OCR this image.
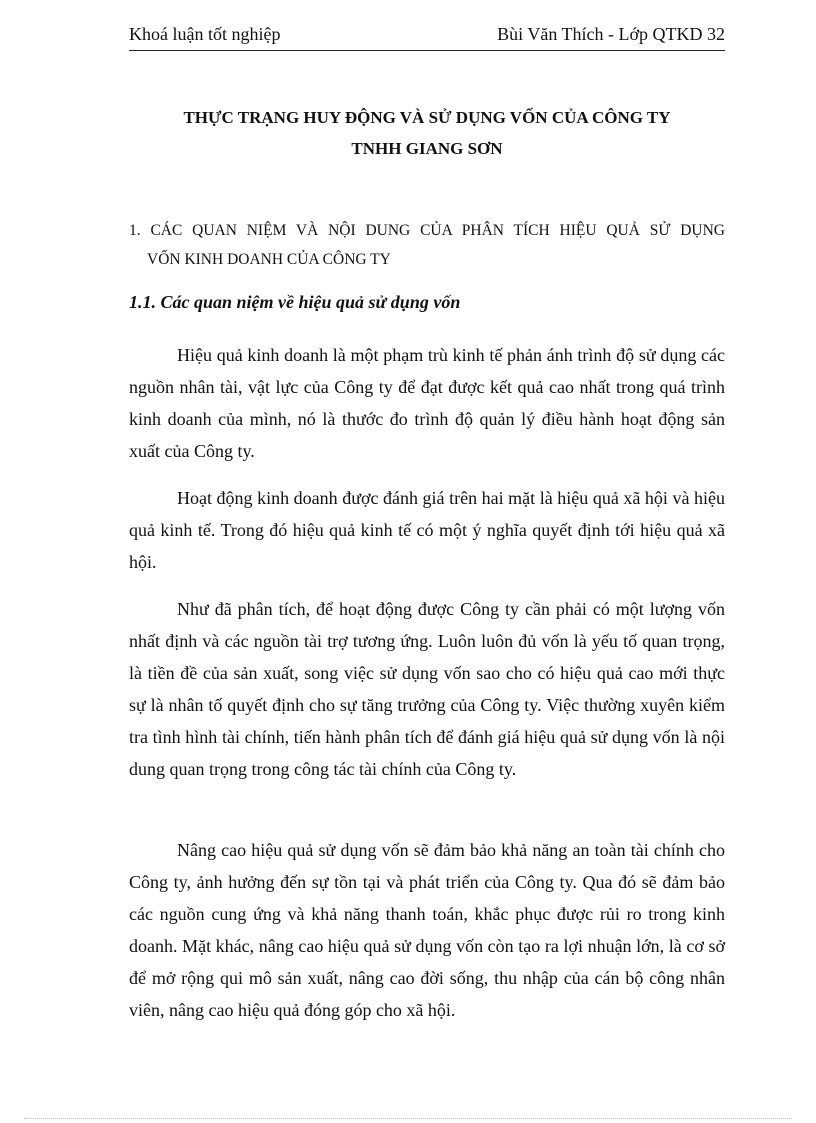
Khoá luận tốt nghiệp	Bùi Văn Thích - Lớp QTKD 32
THỰC TRẠNG HUY ĐỘNG VÀ SỬ DỤNG VỐN CỦA CÔNG TY
TNHH GIANG SƠN
1. CÁC QUAN NIỆM VÀ NỘI DUNG CỦA PHÂN TÍCH HIỆU QUẢ SỬ DỤNG
VỐN KINH DOANH CỦA CÔNG TY
1.1. Các quan niệm về hiệu quả sử dụng vốn

Hiệu quả kinh doanh là một phạm trù kinh tế phản ánh trình độ sử dụng các nguồn nhân tài, vật lực của Công ty để đạt được kết quả cao nhất trong quá trình kinh doanh của mình, nó là thước đo trình độ quản lý điều hành hoạt động sản xuất của Công ty.

Hoạt động kinh doanh được đánh giá trên hai mặt là hiệu quả xã hội và hiệu quả kinh tế. Trong đó hiệu quả kinh tế có một ý nghĩa quyết định tới hiệu quả xã hội.

Như đã phân tích, để hoạt động được Công ty cần phải có một lượng vốn nhất định và các nguồn tài trợ tương ứng. Luôn luôn đủ vốn là yếu tố quan trọng, là tiền đề của sản xuất, song việc sử dụng vốn sao cho có hiệu quả cao mới thực sự là nhân tố quyết định cho sự tăng trưởng của Công ty. Việc thường xuyên kiểm tra tình hình tài chính, tiến hành phân tích để đánh giá hiệu quả sử dụng vốn là nội dung quan trọng trong công tác tài chính của Công ty.

Nâng cao hiệu quả sử dụng vốn sẽ đảm bảo khả năng an toàn tài chính cho Công ty, ảnh hưởng đến sự tồn tại và phát triển của Công ty. Qua đó sẽ đảm bảo các nguồn cung ứng và khả năng thanh toán, khắc phục được rủi ro trong kinh doanh. Mặt khác, nâng cao hiệu quả sử dụng vốn còn tạo ra lợi nhuận lớn, là cơ sở để mở rộng qui mô sản xuất, nâng cao đời sống, thu nhập của cán bộ công nhân viên, nâng cao hiệu quả đóng góp cho xã hội.
